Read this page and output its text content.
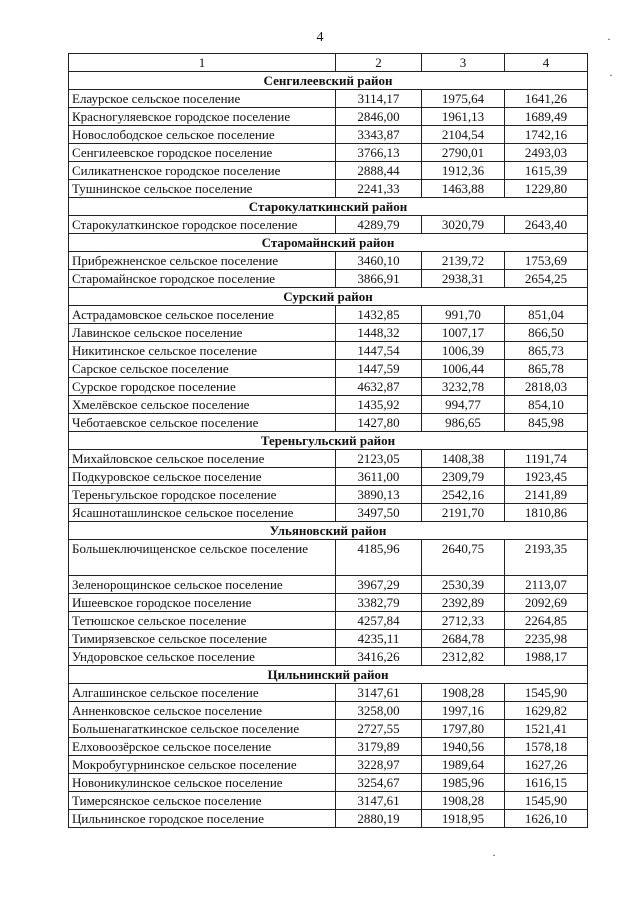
4	·
·
·
1	2	3	4
Сенгилеевский район			
Елаурское сельское поселение	3114,17	1975,64	1641,26
Красногуляевское городское поселение	2846,00	1961,13	1689,49
Новослободское сельское поселение	3343,87	2104,54	1742,16
Сенгилеевское городское поселение	3766,13	2790,01	2493,03
Силикатненское городское поселение	2888,44	1912,36	1615,39
Тушнинское сельское поселение	2241,33	1463,88	1229,80
Старокулаткинский район			
Старокулаткинское городское поселение	4289,79	3020,79	2643,40
Старомайнский район			
Прибрежненское сельское поселение	3460,10	2139,72	1753,69
Старомайнское городское поселение	3866,91	2938,31	2654,25
Сурский район			
Астрадамовское сельское поселение	1432,85	991,70	851,04
Лавинское сельское поселение	1448,32	1007,17	866,50
Никитинское сельское поселение	1447,54	1006,39	865,73
Сарское сельское поселение	1447,59	1006,44	865,78
Сурское городское поселение	4632,87	3232,78	2818,03
Хмелёвское сельское поселение	1435,92	994,77	854,10
Чеботаевское сельское поселение	1427,80	986,65	845,98
Тереньгульский район			
Михайловское сельское поселение	2123,05	1408,38	1191,74
Подкуровское сельское поселение	3611,00	2309,79	1923,45
Тереньгульское городское поселение	3890,13	2542,16	2141,89
Ясашноташлинское сельское поселение	3497,50	2191,70	1810,86
Ульяновский район			
Большеключищенское сельское поселение	4185,96	2640,75	2193,35
Зеленорощинское сельское поселение	3967,29	2530,39	2113,07
Ишеевское городское поселение	3382,79	2392,89	2092,69
Тетюшское сельское поселение	4257,84	2712,33	2264,85
Тимирязевское сельское поселение	4235,11	2684,78	2235,98
Ундоровское сельское поселение	3416,26	2312,82	1988,17
Цильнинский район			
Алгашинское сельское поселение	3147,61	1908,28	1545,90
Анненковское сельское поселение	3258,00	1997,16	1629,82
Большенагаткинское сельское поселение	2727,55	1797,80	1521,41
Елховоозёрское сельское поселение	3179,89	1940,56	1578,18
Мокробугурнинское сельское поселение	3228,97	1989,64	1627,26
Новоникулинское сельское поселение	3254,67	1985,96	1616,15
Тимерсянское сельское поселение	3147,61	1908,28	1545,90
Цильнинское городское поселение	2880,19	1918,95	1626,10
